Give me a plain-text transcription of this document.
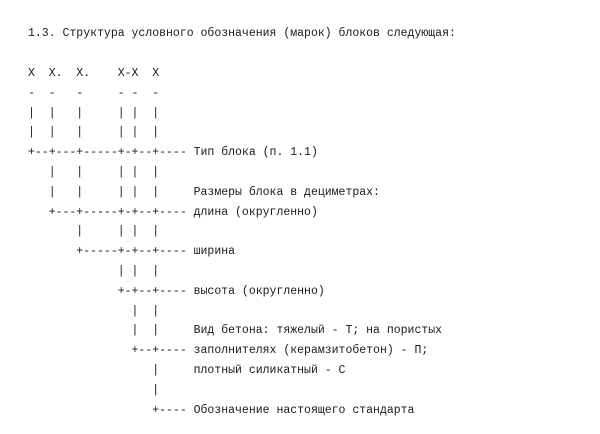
1.3. Структура условного обозначения (марок) блоков следующая:

X  X.  X.    X-X  X
-  -   -     - -  -
|  |   |     | |  |
|  |   |     | |  |
+--+---+-----+-+--+---- Тип блока (п. 1.1)
|   |     | |  |
|   |     | |  |     Размеры блока в дециметрах:
+---+-----+-+--+---- длина (округленно)
|     | |  |
+-----+-+--+---- ширина
| |  |
+-+--+---- высота (округленно)
|  |
|  |     Вид бетона: тяжелый - Т; на пористых
+--+---- заполнителях (керамзитобетон) - П;
|     плотный силикатный - С
|
+---- Обозначение настоящего стандарта
